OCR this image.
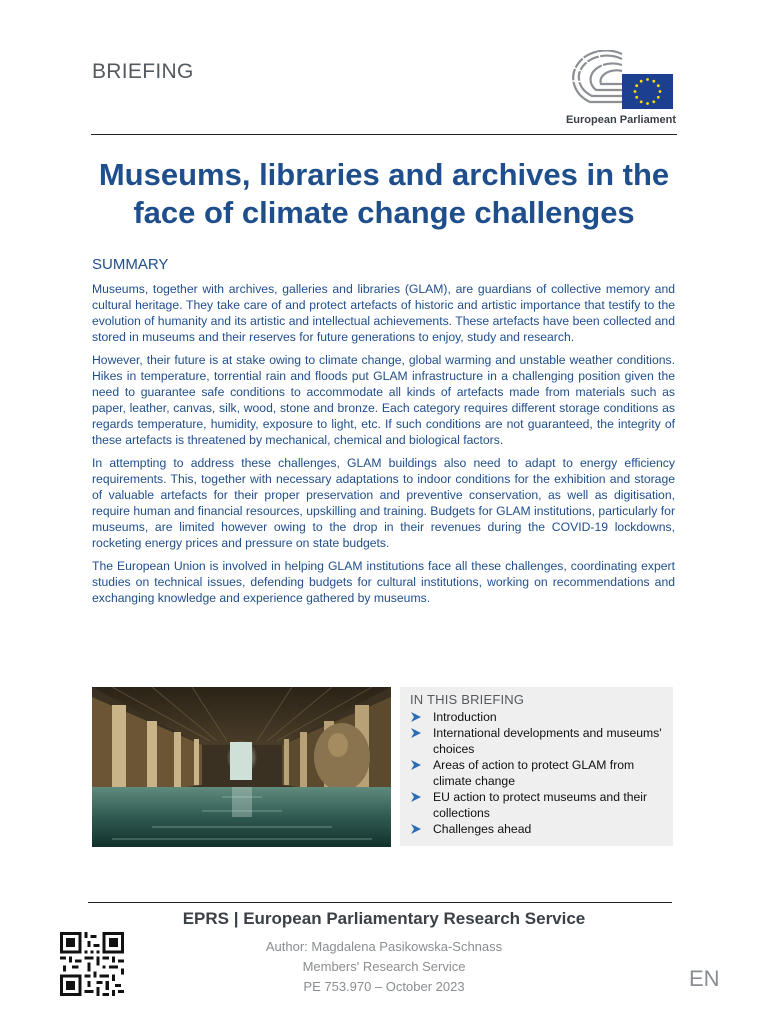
BRIEFING
European Parliament
Museums, libraries and archives in the
face of climate change challenges
SUMMARY

Museums, together with archives, galleries and libraries (GLAM), are guardians of collective memory and cultural heritage. They take care of and protect artefacts of historic and artistic importance that testify to the evolution of humanity and its artistic and intellectual achievements. These artefacts have been collected and stored in museums and their reserves for future generations to enjoy, study and research.

However, their future is at stake owing to climate change, global warming and unstable weather conditions. Hikes in temperature, torrential rain and floods put GLAM infrastructure in a challenging position given the need to guarantee safe conditions to accommodate all kinds of artefacts made from materials such as paper, leather, canvas, silk, wood, stone and bronze. Each category requires different storage conditions as regards temperature, humidity, exposure to light, etc. If such conditions are not guaranteed, the integrity of these artefacts is threatened by mechanical, chemical and biological factors.

In attempting to address these challenges, GLAM buildings also need to adapt to energy efficiency requirements. This, together with necessary adaptations to indoor conditions for the exhibition and storage of valuable artefacts for their proper preservation and preventive conservation, as well as digitisation, require human and financial resources, upskilling and training. Budgets for GLAM institutions, particularly for museums, are limited however owing to the drop in their revenues during the COVID-19 lockdowns, rocketing energy prices and pressure on state budgets.

The European Union is involved in helping GLAM institutions face all these challenges, coordinating expert studies on technical issues, defending budgets for cultural institutions, working on recommendations and exchanging knowledge and experience gathered by museums.

IN THIS BRIEFING
Introduction
International developments and museums' choices
Areas of action to protect GLAM from climate change
EU action to protect museums and their collections
Challenges ahead
EPRS | European Parliamentary Research Service
Author: Magdalena Pasikowska-Schnass
Members' Research Service
PE 753.970 – October 2023	EN
